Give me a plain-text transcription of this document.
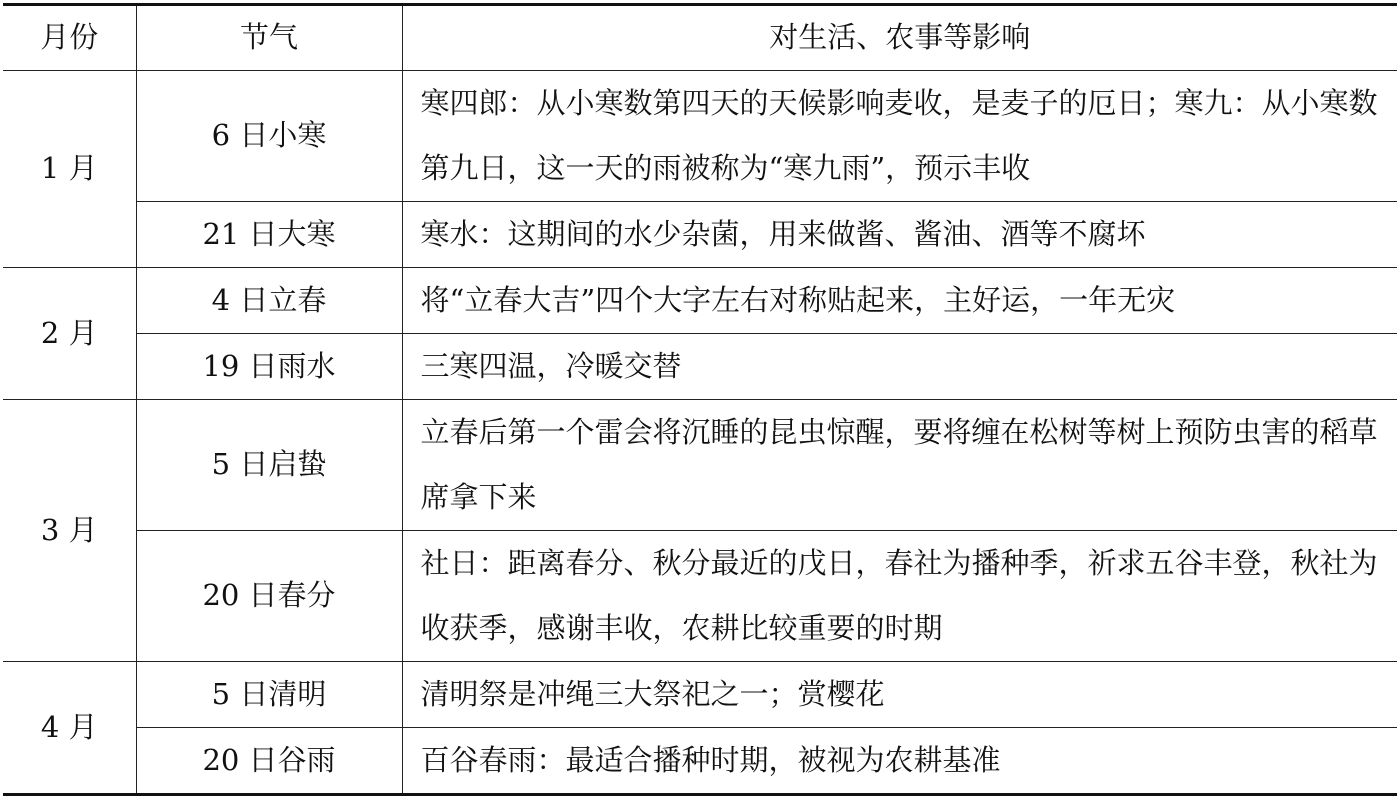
月份	节气	对生活、农事等影响
1 月	6 日小寒	寒四郎：从小寒数第四天的天候影响麦收，是麦子的厄日；寒九：从小寒数第九日，这一天的雨被称为“寒九雨”，预示丰收
	21 日大寒	寒水：这期间的水少杂菌，用来做酱、酱油、酒等不腐坏
2 月	4 日立春	将“立春大吉”四个大字左右对称贴起来，主好运，一年无灾
	19 日雨水	三寒四温，冷暖交替
3 月	5 日启蛰	立春后第一个雷会将沉睡的昆虫惊醒，要将缠在松树等树上预防虫害的稻草席拿下来
	20 日春分	社日：距离春分、秋分最近的戊日，春社为播种季，祈求五谷丰登，秋社为收获季，感谢丰收，农耕比较重要的时期
4 月	5 日清明	清明祭是冲绳三大祭祀之一；赏樱花
	20 日谷雨	百谷春雨：最适合播种时期，被视为农耕基准
